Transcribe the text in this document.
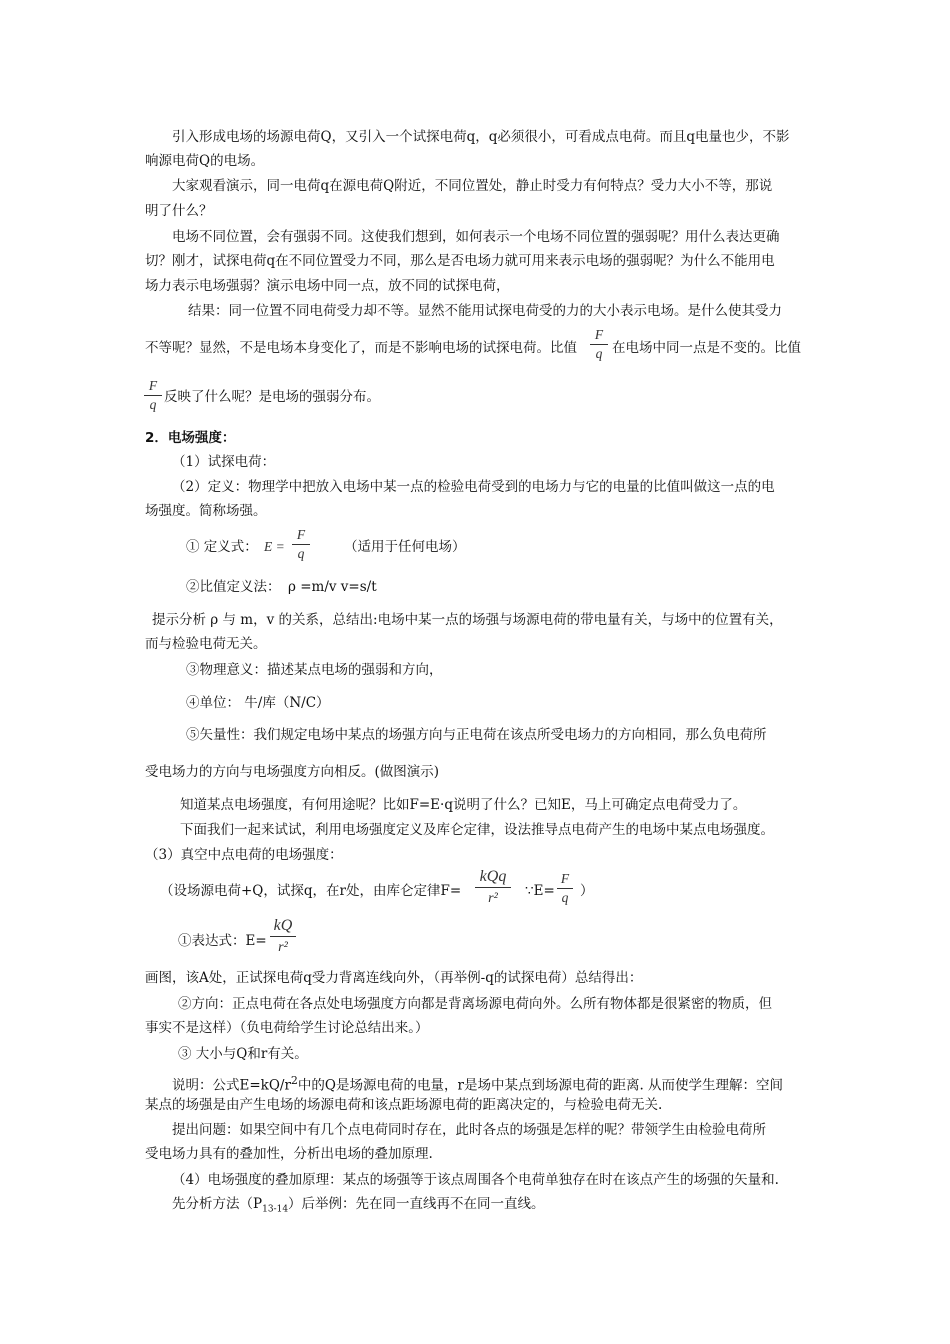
引入形成电场的场源电荷Q，又引入一个试探电荷q，q必须很小，可看成点电荷。而且q电量也少，不影
响源电荷Q的电场。
大家观看演示，同一电荷q在源电荷Q附近，不同位置处，静止时受力有何特点？受力大小不等，那说
明了什么？
电场不同位置，会有强弱不同。这使我们想到，如何表示一个电场不同位置的强弱呢？用什么表达更确
切？刚才，试探电荷q在不同位置受力不同，那么是否电场力就可用来表示电场的强弱呢？为什么不能用电
场力表示电场强弱？演示电场中同一点，放不同的试探电荷，
结果：同一位置不同电荷受力却不等。显然不能用试探电荷受的力的大小表示电场。是什么使其受力
不等呢？显然，不是电场本身变化了，而是不影响电场的试探电荷。比值 $\frac{F}{q}$ 在电场中同一点是不变的。比值
$\frac{F}{q}$ 反映了什么呢？是电场的强弱分布。
2．电场强度：
（1）试探电荷：
（2）定义：物理学中把放入电场中某一点的检验电荷受到的电场力与它的电量的比值叫做这一点的电
场强度。简称场强。
① 定义式： $E = \frac{F}{q}$	（适用于任何电场）
②比值定义法： ρ =m/v v=s/t
提示分析 ρ 与 m，v 的关系，总结出:电场中某一点的场强与场源电荷的带电量有关，与场中的位置有关，
而与检验电荷无关。
③物理意义：描述某点电场的强弱和方向，
④单位： 牛/库（N/C）
⑤矢量性：我们规定电场中某点的场强方向与正电荷在该点所受电场力的方向相同，那么负电荷所
受电场力的方向与电场强度方向相反。(做图演示)
知道某点电场强度，有何用途呢？比如F=E·q说明了什么？已知E，马上可确定点电荷受力了。
下面我们一起来试试，利用电场强度定义及库仑定律，设法推导点电荷产生的电场中某点电场强度。
（3）真空中点电荷的电场强度：
（设场源电荷+Q，试探q，在r处，由库仑定律F=
kQq
r²	∵E= $\frac{F}{q}$ ）
①表达式：$E= \frac{kQ}{\text{r²}}$
画图，该A处，正试探电荷q受力背离连线向外，（再举例-q的试探电荷）总结得出：
②方向：正点电荷在各点处电场强度方向都是背离场源电荷向外。么所有物体都是很紧密的物质，但
事实不是这样）（负电荷给学生讨论总结出来。）
③ 大小与Q和r有关。
说明：公式$E=kQ/r^2$中的Q是场源电荷的电量，r是场中某点到场源电荷的距离. 从而使学生理解：空间
某点的场强是由产生电场的场源电荷和该点距场源电荷的距离决定的，与检验电荷无关.
提出问题：如果空间中有几个点电荷同时存在，此时各点的场强是怎样的呢？带领学生由检验电荷所
受电场力具有的叠加性，分析出电场的叠加原理.
（4）电场强度的叠加原理：某点的场强等于该点周围各个电荷单独存在时在该点产生的场强的矢量和.
先分析方法$(P_{13-14})$后举例：先在同一直线再不在同一直线。
